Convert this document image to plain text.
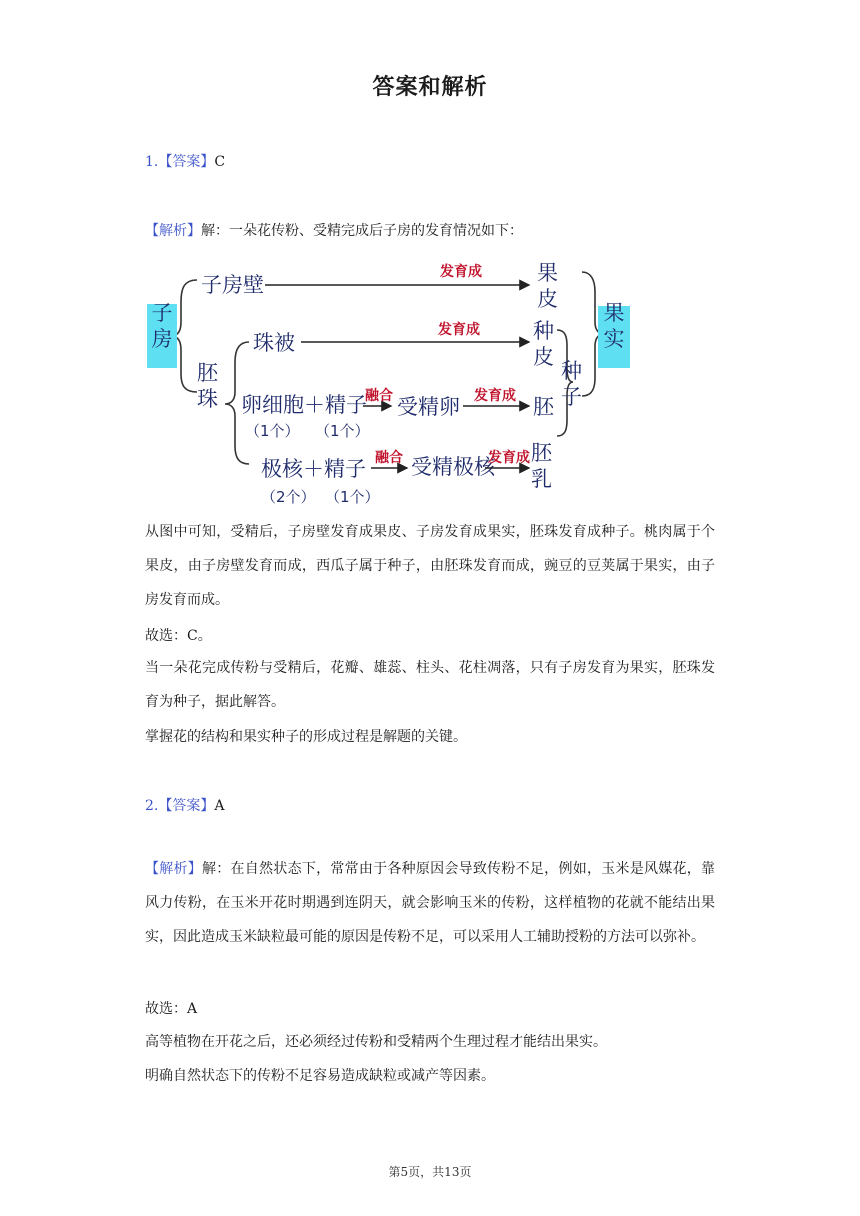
答案和解析
1.【答案】C
【解析】解：一朵花传粉、受精完成后子房的发育情况如下：
子房
子房壁
发育成	果皮
果实
胚珠
珠被
发育成	种皮
种子
卵细胞＋精子
（1个） （1个）
融合 受精卵 发育成 胚
极核＋精子
（2个） （1个）
融合 受精极核
发育成 胚乳
从图中可知，受精后，子房壁发育成果皮、子房发育成果实，胚珠发育成种子。桃肉属于个果皮，由子房壁发育而成，西瓜子属于种子，由胚珠发育而成，豌豆的豆荚属于果实，由子房发育而成。
故选：C。
当一朵花完成传粉与受精后，花瓣、雄蕊、柱头、花柱凋落，只有子房发育为果实，胚珠发育为种子，据此解答。
掌握花的结构和果实种子的形成过程是解题的关键。
2.【答案】A
【解析】解：在自然状态下，常常由于各种原因会导致传粉不足，例如，玉米是风媒花，靠风力传粉，在玉米开花时期遇到连阴天，就会影响玉米的传粉，这样植物的花就不能结出果实，因此造成玉米缺粒最可能的原因是传粉不足，可以采用人工辅助授粉的方法可以弥补。
故选：A
高等植物在开花之后，还必须经过传粉和受精两个生理过程才能结出果实。
明确自然状态下的传粉不足容易造成缺粒或减产等因素。
第5页，共13页
